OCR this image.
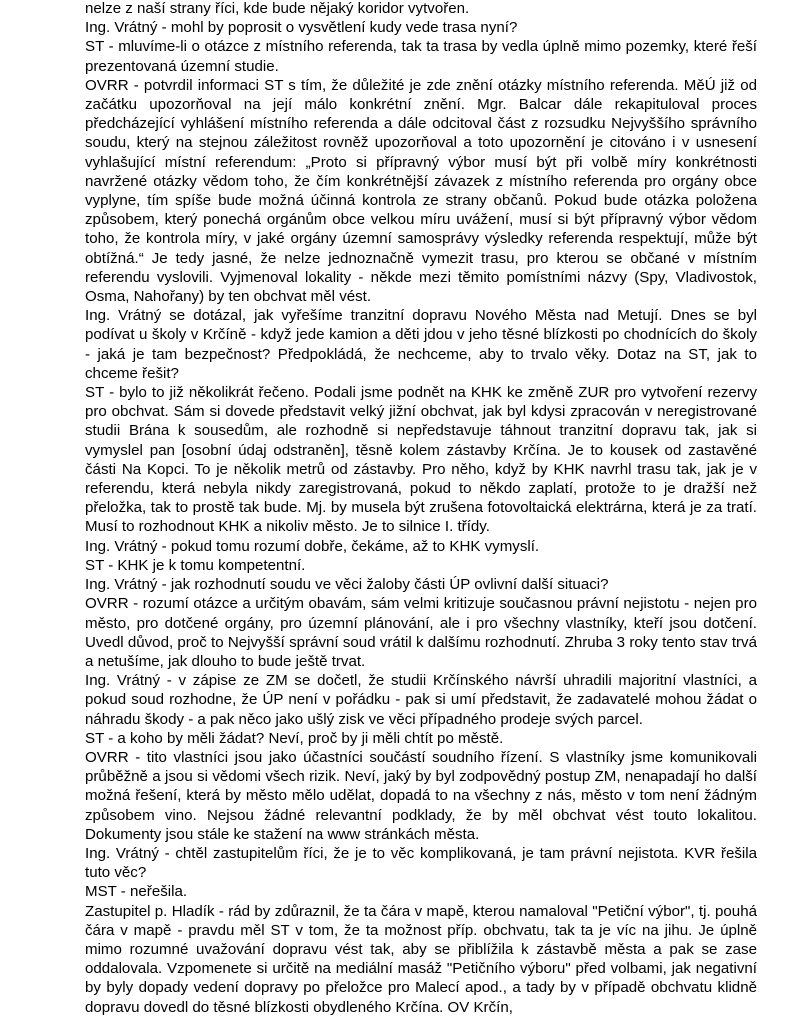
nelze z naší strany říci, kde bude nějaký koridor vytvořen.

Ing. Vrátný - mohl by poprosit o vysvětlení kudy vede trasa nyní?

ST - mluvíme-li o otázce z místního referenda, tak ta trasa by vedla úplně mimo pozemky, které řeší prezentovaná územní studie.

OVRR - potvrdil informaci ST s tím, že důležité je zde znění otázky místního referenda. MěÚ již od začátku upozorňoval na její málo konkrétní znění. Mgr. Balcar dále rekapituloval proces předcházející vyhlášení místního referenda a dále odcitoval část z rozsudku Nejvyššího správního soudu, který na stejnou záležitost rovněž upozorňoval a toto upozornění je citováno i v usnesení vyhlašující místní referendum: „Proto si přípravný výbor musí být při volbě míry konkrétnosti navržené otázky vědom toho, že čím konkrétnější závazek z místního referenda pro orgány obce vyplyne, tím spíše bude možná účinná kontrola ze strany občanů. Pokud bude otázka položena způsobem, který ponechá orgánům obce velkou míru uvážení, musí si být přípravný výbor vědom toho, že kontrola míry, v jaké orgány územní samosprávy výsledky referenda respektují, může být obtížná.“ Je tedy jasné, že nelze jednoznačně vymezit trasu, pro kterou se občané v místním referendu vyslovili. Vyjmenoval lokality - někde mezi těmito pomístními názvy (Spy, Vladivostok, Osma, Nahořany) by ten obchvat měl vést.

Ing. Vrátný se dotázal, jak vyřešíme tranzitní dopravu Nového Města nad Metují. Dnes se byl podívat u školy v Krčíně - když jede kamion a děti jdou v jeho těsné blízkosti po chodnících do školy - jaká je tam bezpečnost? Předpokládá, že nechceme, aby to trvalo věky. Dotaz na ST, jak to chceme řešit?

ST - bylo to již několikrát řečeno. Podali jsme podnět na KHK ke změně ZUR pro vytvoření rezervy pro obchvat. Sám si dovede představit velký jižní obchvat, jak byl kdysi zpracován v neregistrované studii Brána k sousedům, ale rozhodně si nepředstavuje táhnout tranzitní dopravu tak, jak si vymyslel pan [osobní údaj odstraněn], těsně kolem zástavby Krčína. Je to kousek od zastavěné části Na Kopci. To je několik metrů od zástavby. Pro něho, když by KHK navrhl trasu tak, jak je v referendu, která nebyla nikdy zaregistrovaná, pokud to někdo zaplatí, protože to je dražší než přeložka, tak to prostě tak bude. Mj. by musela být zrušena fotovoltaická elektrárna, která je za tratí. Musí to rozhodnout KHK a nikoliv město. Je to silnice I. třídy.

Ing. Vrátný - pokud tomu rozumí dobře, čekáme, až to KHK vymyslí.

ST - KHK je k tomu kompetentní.

Ing. Vrátný - jak rozhodnutí soudu ve věci žaloby části ÚP ovlivní další situaci?

OVRR - rozumí otázce a určitým obavám, sám velmi kritizuje současnou právní nejistotu - nejen pro město, pro dotčené orgány, pro územní plánování, ale i pro všechny vlastníky, kteří jsou dotčení. Uvedl důvod, proč to Nejvyšší správní soud vrátil k dalšímu rozhodnutí. Zhruba 3 roky tento stav trvá a netušíme, jak dlouho to bude ještě trvat.

Ing. Vrátný - v zápise ze ZM se dočetl, že studii Krčínského návrší uhradili majoritní vlastníci, a pokud soud rozhodne, že ÚP není v pořádku - pak si umí představit, že zadavatelé mohou žádat o náhradu škody - a pak něco jako ušlý zisk ve věci případného prodeje svých parcel.

ST - a koho by měli žádat? Neví, proč by ji měli chtít po městě.

OVRR - tito vlastníci jsou jako účastníci součástí soudního řízení. S vlastníky jsme komunikovali průběžně a jsou si vědomi všech rizik. Neví, jaký by byl zodpovědný postup ZM, nenapadají ho další možná řešení, která by město mělo udělat, dopadá to na všechny z nás, město v tom není žádným způsobem vino. Nejsou žádné relevantní podklady, že by měl obchvat vést touto lokalitou. Dokumenty jsou stále ke stažení na www stránkách města.

Ing. Vrátný - chtěl zastupitelům říci, že je to věc komplikovaná, je tam právní nejistota. KVR řešila tuto věc?

MST - neřešila.

Zastupitel p. Hladík - rád by zdůraznil, že ta čára v mapě, kterou namaloval "Petiční výbor", tj. pouhá čára v mapě - pravdu měl ST v tom, že ta možnost příp. obchvatu, tak ta je víc na jihu. Je úplně mimo rozumné uvažování dopravu vést tak, aby se přiblížila k zástavbě města a pak se zase oddalovala. Vzpomenete si určitě na mediální masáž "Petičního výboru" před volbami, jak negativní by byly dopady vedení dopravy po přeložce pro Malecí apod., a tady by v případě obchvatu klidně dopravu dovedl do těsné blízkosti obydleného Krčína. OV Krčín,
